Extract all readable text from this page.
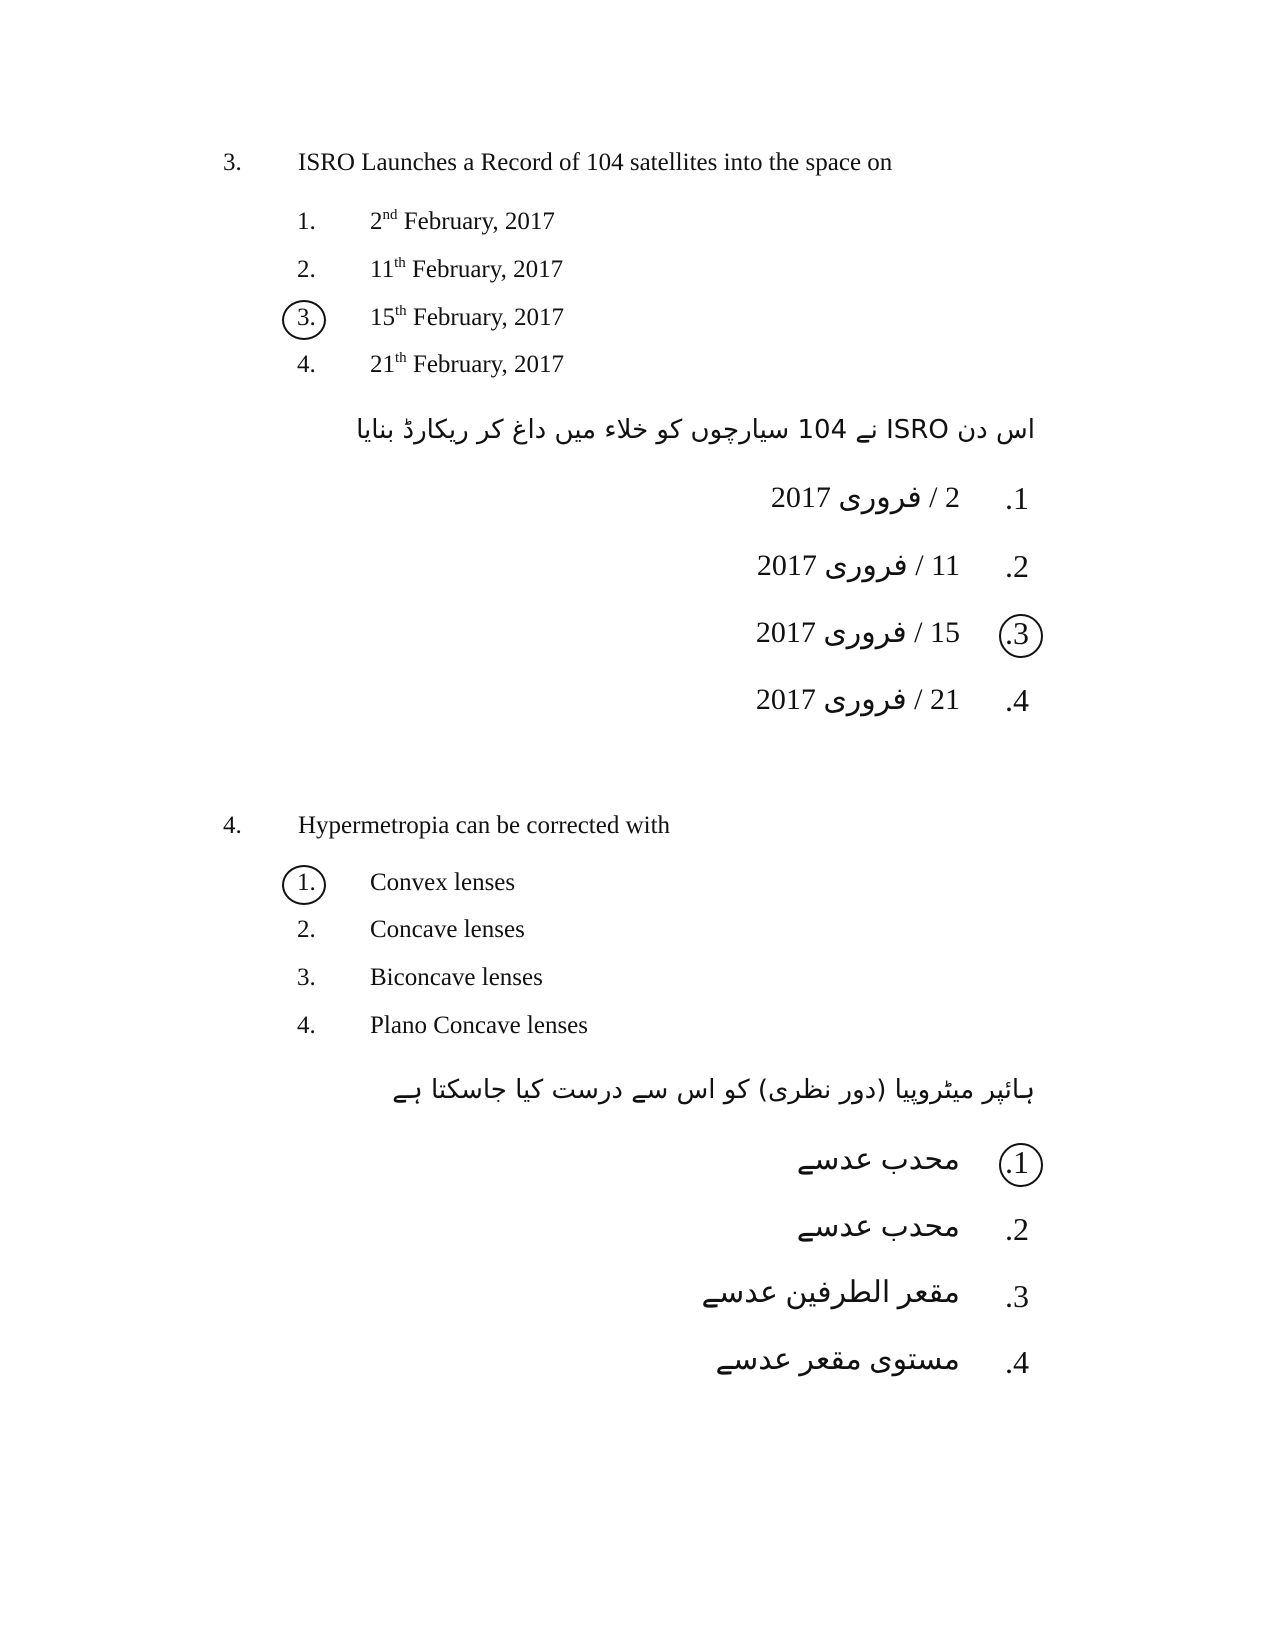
3. ISRO Launches a Record of 104 satellites into the space on
1. 2nd February, 2017
2. 11th February, 2017
3. 15th February, 2017
4. 21th February, 2017
اس دن ISRO نے 104 سیارچوں کو خلاء میں داغ کر ریکارڈ بنایا
.1
2 / فروری 2017
.2
11 / فروری 2017
.3
15 / فروری 2017
.4
21 / فروری 2017
4. Hypermetropia can be corrected with
1. Convex lenses
2. Concave lenses
3. Biconcave lenses
4. Plano Concave lenses
ہائپر میٹروپیا (دور نظری) کو اس سے درست کیا جاسکتا ہے
.1
محدب عدسے
.2
محدب عدسے
.3
مقعر الطرفین عدسے
.4
مستوی مقعر عدسے
